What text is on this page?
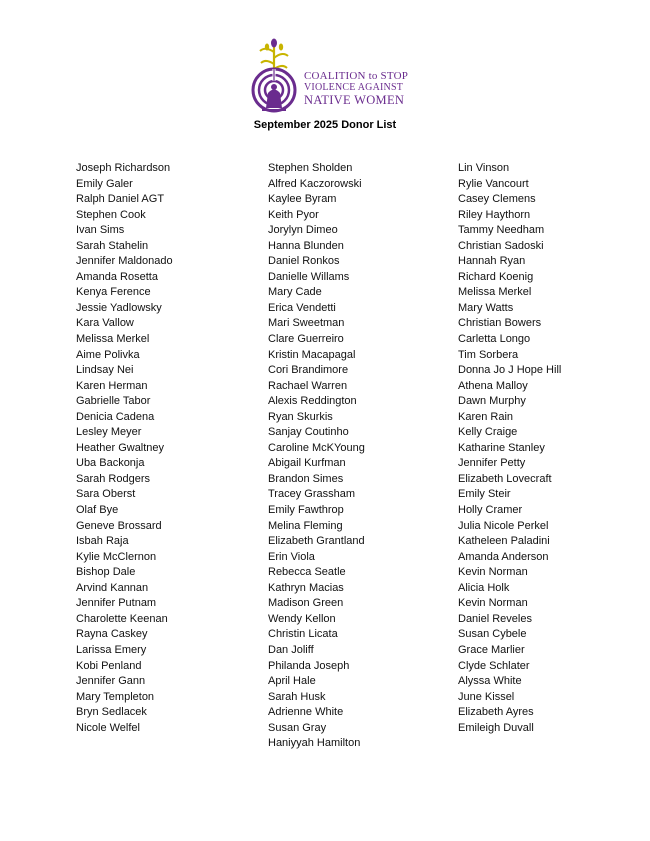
COALITION to STOP
VIOLENCE AGAINST
NATIVE WOMEN
September 2025 Donor List
Joseph Richardson
Emily Galer
Ralph Daniel AGT
Stephen Cook
Ivan Sims
Sarah Stahelin
Jennifer Maldonado
Amanda Rosetta
Kenya Ference
Jessie Yadlowsky
Kara Vallow
Melissa Merkel
Aime Polivka
Lindsay Nei
Karen Herman
Gabrielle Tabor
Denicia Cadena
Lesley Meyer
Heather Gwaltney
Uba Backonja
Sarah Rodgers
Sara Oberst
Olaf Bye
Geneve Brossard
Isbah Raja
Kylie McClernon
Bishop Dale
Arvind Kannan
Jennifer Putnam
Charolette Keenan
Rayna Caskey
Larissa Emery
Kobi Penland
Jennifer Gann
Mary Templeton
Bryn Sedlacek
Nicole Welfel
Stephen Sholden
Alfred Kaczorowski
Kaylee Byram
Keith Pyor
Jorylyn Dimeo
Hanna Blunden
Daniel Ronkos
Danielle Willams
Mary Cade
Erica Vendetti
Mari Sweetman
Clare Guerreiro
Kristin Macapagal
Cori Brandimore
Rachael Warren
Alexis Reddington
Ryan Skurkis
Sanjay Coutinho
Caroline McKYoung
Abigail Kurfman
Brandon Simes
Tracey Grassham
Emily Fawthrop
Melina Fleming
Elizabeth Grantland
Erin Viola
Rebecca Seatle
Kathryn Macias
Madison Green
Wendy Kellon
Christin Licata
Dan Joliff
Philanda Joseph
April Hale
Sarah Husk
Adrienne White
Susan Gray
Haniyyah Hamilton
Lin Vinson
Rylie Vancourt
Casey Clemens
Riley Haythorn
Tammy Needham
Christian Sadoski
Hannah Ryan
Richard Koenig
Melissa Merkel
Mary Watts
Christian Bowers
Carletta Longo
Tim Sorbera
Donna Jo J Hope Hill
Athena Malloy
Dawn Murphy
Karen Rain
Kelly Craige
Katharine Stanley
Jennifer Petty
Elizabeth Lovecraft
Emily Steir
Holly Cramer
Julia Nicole Perkel
Katheleen Paladini
Amanda Anderson
Kevin Norman
Alicia Holk
Kevin Norman
Daniel Reveles
Susan Cybele
Grace Marlier
Clyde Schlater
Alyssa White
June Kissel
Elizabeth Ayres
Emileigh Duvall
